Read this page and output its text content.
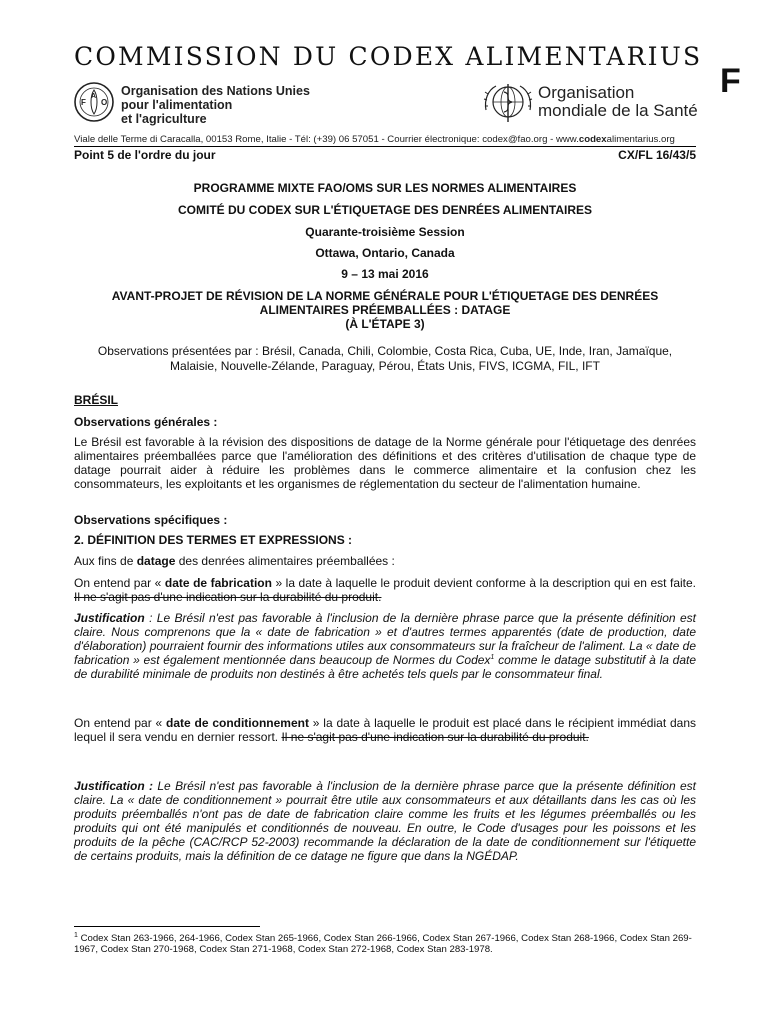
COMMISSION DU CODEX ALIMENTARIUS
F
F
A
O
Organisation des Nations Unies
pour l'alimentation
et l'agriculture
Organisation
mondiale de la Santé
Viale delle Terme di Caracalla, 00153 Rome, Italie - Tél: (+39) 06 57051 - Courrier électronique: codex@fao.org - www.codexalimentarius.org
Point 5 de l'ordre du jour	CX/FL 16/43/5
PROGRAMME MIXTE FAO/OMS SUR LES NORMES ALIMENTAIRES
COMITÉ DU CODEX SUR L'ÉTIQUETAGE DES DENRÉES ALIMENTAIRES
Quarante-troisième Session
Ottawa, Ontario, Canada
9 – 13 mai 2016
AVANT-PROJET DE RÉVISION DE LA NORME GÉNÉRALE POUR L'ÉTIQUETAGE DES DENRÉES
ALIMENTAIRES PRÉEMBALLÉES : DATAGE
(À L'ÉTAPE 3)
Observations présentées par : Brésil, Canada, Chili, Colombie, Costa Rica, Cuba, UE, Inde, Iran, Jamaïque,
Malaisie, Nouvelle-Zélande, Paraguay, Pérou, États Unis, FIVS, ICGMA, FIL, IFT
BRÉSIL
Observations générales :
Le Brésil est favorable à la révision des dispositions de datage de la Norme générale pour l'étiquetage des denrées alimentaires préemballées parce que l'amélioration des définitions et des critères d'utilisation de chaque type de datage pourrait aider à réduire les problèmes dans le commerce alimentaire et la confusion chez les consommateurs, les exploitants et les organismes de réglementation du secteur de l'alimentation humaine.
Observations spécifiques :
2. DÉFINITION DES TERMES ET EXPRESSIONS :
Aux fins de datage des denrées alimentaires préemballées :
On entend par « date de fabrication » la date à laquelle le produit devient conforme à la description qui en est faite. Il ne s'agit pas d'une indication sur la durabilité du produit.
Justification : Le Brésil n'est pas favorable à l'inclusion de la dernière phrase parce que la présente définition est claire. Nous comprenons que la « date de fabrication » et d'autres termes apparentés (date de production, date d'élaboration) pourraient fournir des informations utiles aux consommateurs sur la fraîcheur de l'aliment. La « date de fabrication » est également mentionnée dans beaucoup de Normes du Codex$^1$ comme le datage substitutif à la date de durabilité minimale de produits non destinés à être achetés tels quels par le consommateur final.
On entend par « date de conditionnement » la date à laquelle le produit est placé dans le récipient immédiat dans lequel il sera vendu en dernier ressort. Il ne s'agit pas d'une indication sur la durabilité du produit.
Justification : Le Brésil n'est pas favorable à l'inclusion de la dernière phrase parce que la présente définition est claire. La « date de conditionnement » pourrait être utile aux consommateurs et aux détaillants dans les cas où les produits préemballés n'ont pas de date de fabrication claire comme les fruits et les légumes préemballés ou les produits qui ont été manipulés et conditionnés de nouveau. En outre, le Code d'usages pour les poissons et les produits de la pêche (CAC/RCP 52-2003) recommande la déclaration de la date de conditionnement sur l'étiquette de certains produits, mais la définition de ce datage ne figure que dans la NGÉDAP.
$^1$ Codex Stan 263-1966, 264-1966, Codex Stan 265-1966, Codex Stan 266-1966, Codex Stan 267-1966, Codex Stan 268-1966, Codex Stan 269-1967, Codex Stan 270-1968, Codex Stan 271-1968, Codex Stan 272-1968, Codex Stan 283-1978.
